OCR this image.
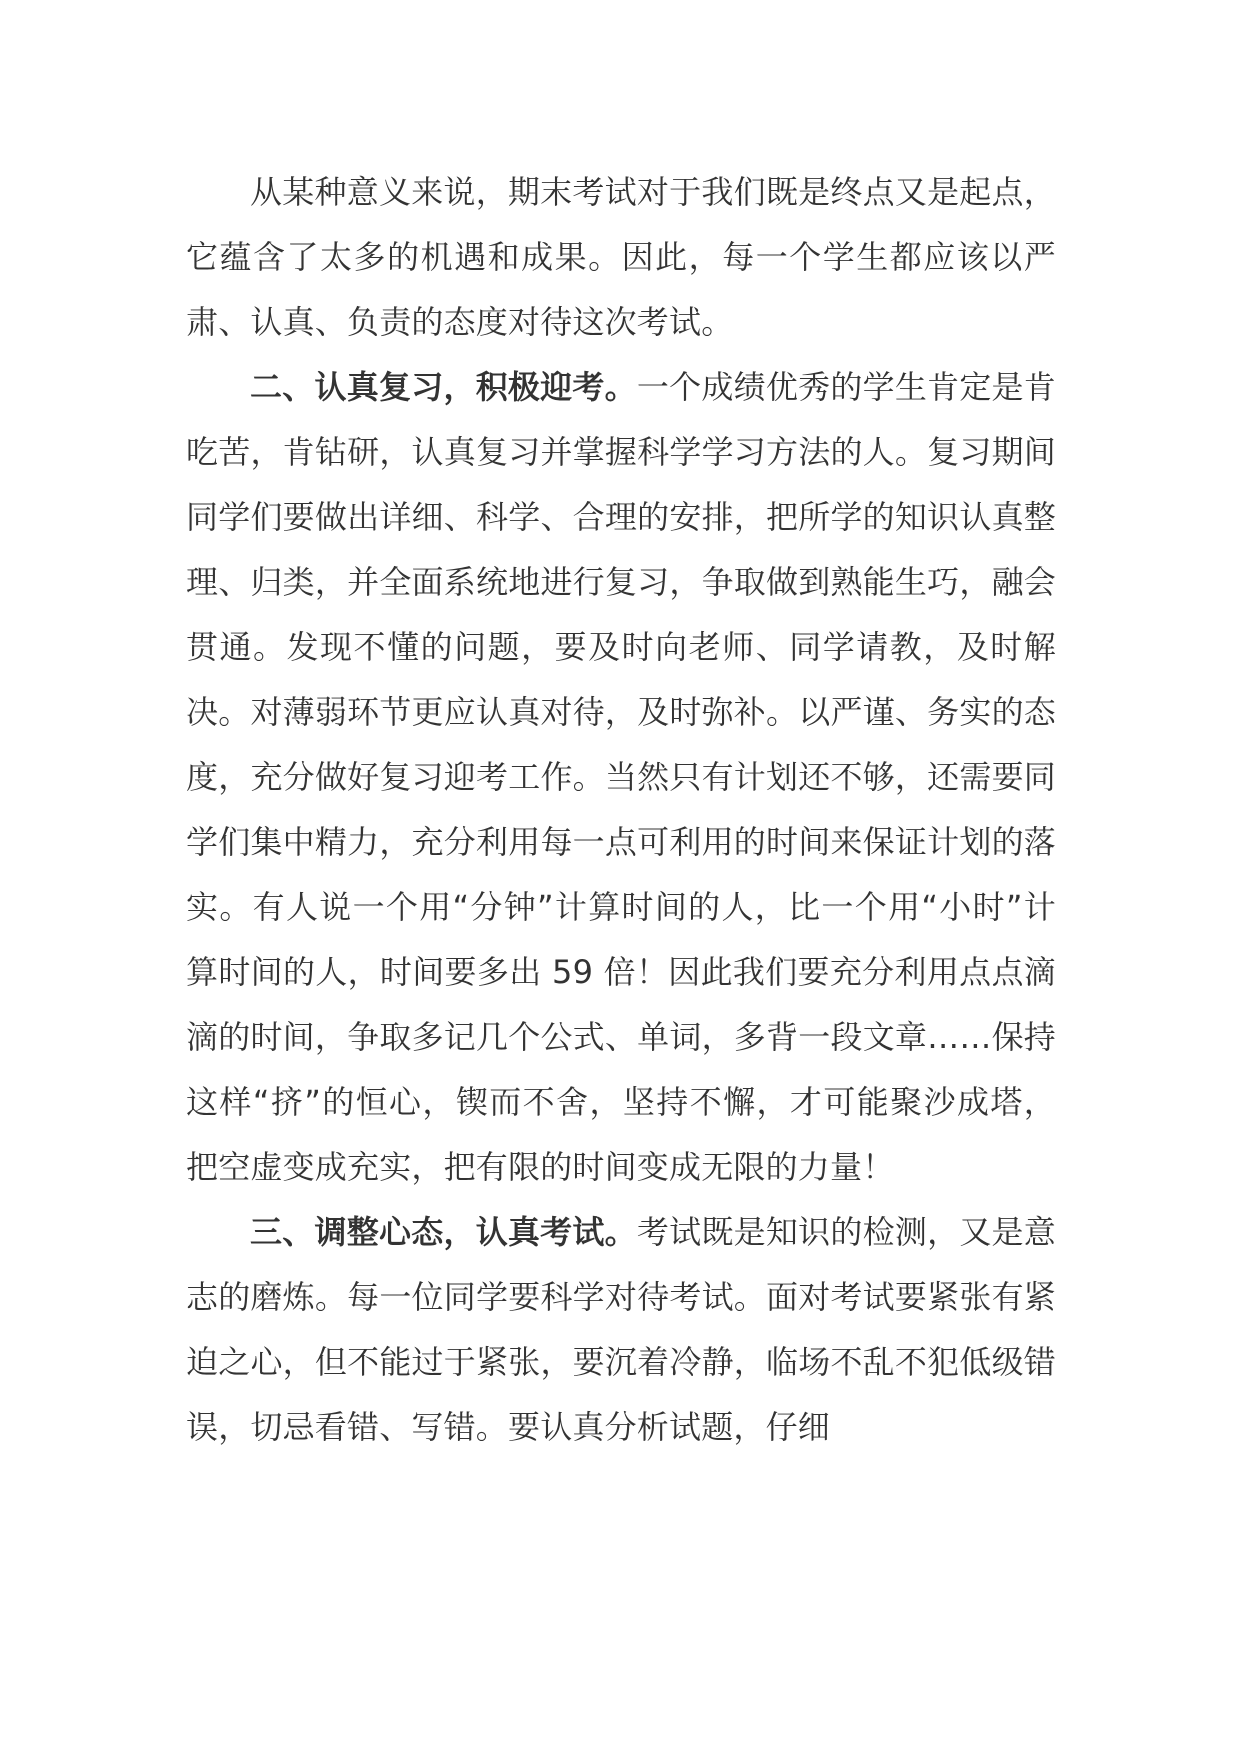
从某种意义来说，期末考试对于我们既是终点又是起点，它蕴含了太多的机遇和成果。因此，每一个学生都应该以严肃、认真、负责的态度对待这次考试。

二、认真复习，积极迎考。一个成绩优秀的学生肯定是肯吃苦，肯钻研，认真复习并掌握科学学习方法的人。复习期间同学们要做出详细、科学、合理的安排，把所学的知识认真整理、归类，并全面系统地进行复习，争取做到熟能生巧，融会贯通。发现不懂的问题，要及时向老师、同学请教，及时解决。对薄弱环节更应认真对待，及时弥补。以严谨、务实的态度，充分做好复习迎考工作。当然只有计划还不够，还需要同学们集中精力，充分利用每一点可利用的时间来保证计划的落实。有人说一个用“分钟”计算时间的人，比一个用“小时”计算时间的人，时间要多出 59 倍！因此我们要充分利用点点滴滴的时间，争取多记几个公式、单词，多背一段文章……保持这样“挤”的恒心，锲而不舍，坚持不懈，才可能聚沙成塔，把空虚变成充实，把有限的时间变成无限的力量！

三、调整心态，认真考试。考试既是知识的检测，又是意志的磨炼。每一位同学要科学对待考试。面对考试要紧张有紧迫之心，但不能过于紧张，要沉着冷静，临场不乱不犯低级错误，切忌看错、写错。要认真分析试题，仔细
